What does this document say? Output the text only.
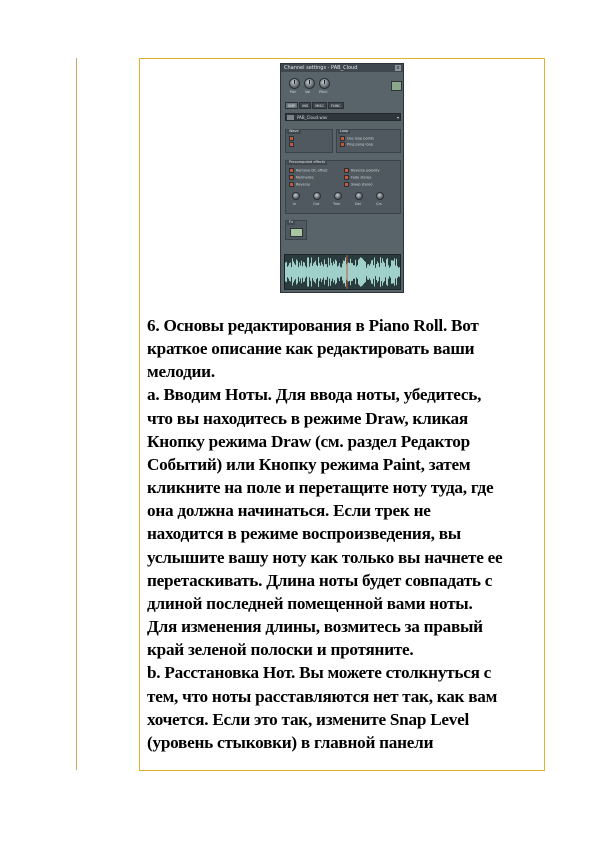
Channel settings - PAB_Cloud	x
Pan Vol	Pitch
SMP	INS	MISC	FUNC
PAB_Cloud.wav	▾
Wave	Loop
Use loop points
Ping pong loop
Precomputed effects
Remove DC offset
Normalize
Reverse
Reverse polarity
Fade stereo
Swap stereo
In	Out	Trim	Del	Crs
Fx

6. Основы редактирования в Piano Roll. Вот

краткое описание как редактировать ваши

мелодии.

a. Вводим Ноты. Для ввода ноты, убедитесь,

что вы находитесь в режиме Draw, кликая

Кнопку режима Draw (см. раздел Редактор

Событий) или Кнопку режима Paint, затем

кликните на поле и перетащите ноту туда, где

она должна начинаться. Если трек не

находится в режиме воспроизведения, вы

услышите вашу ноту как только вы начнете ее

перетаскивать. Длина ноты будет совпадать с

длиной последней помещенной вами ноты.

Для изменения длины, возмитесь за правый

край зеленой полоски и протяните.

b. Расстановка Нот. Вы можете столкнуться с

тем, что ноты расставляются нет так, как вам

хочется. Если это так, измените Snap Level

(уровень стыковки) в главной панели
